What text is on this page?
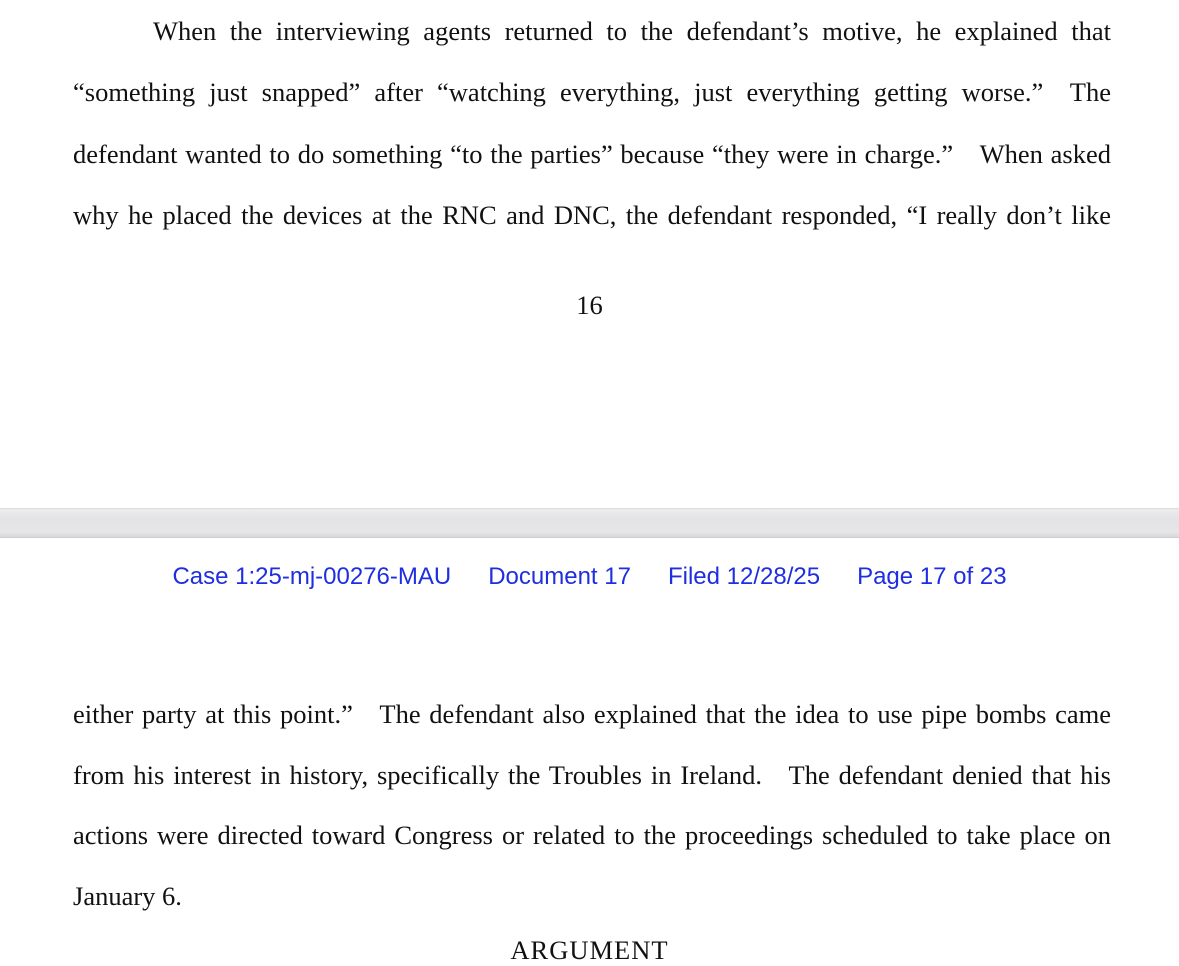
When the interviewing agents returned to the defendant’s motive, he explained that
“something just snapped” after “watching everything, just everything getting worse.” The
defendant wanted to do something “to the parties” because “they were in charge.” When asked
why he placed the devices at the RNC and DNC, the defendant responded, “I really don’t like
16
Case 1:25-mj-00276-MAU Document 17 Filed 12/28/25 Page 17 of 23
either party at this point.” The defendant also explained that the idea to use pipe bombs came
from his interest in history, specifically the Troubles in Ireland. The defendant denied that his
actions were directed toward Congress or related to the proceedings scheduled to take place on
January 6.
ARGUMENT
